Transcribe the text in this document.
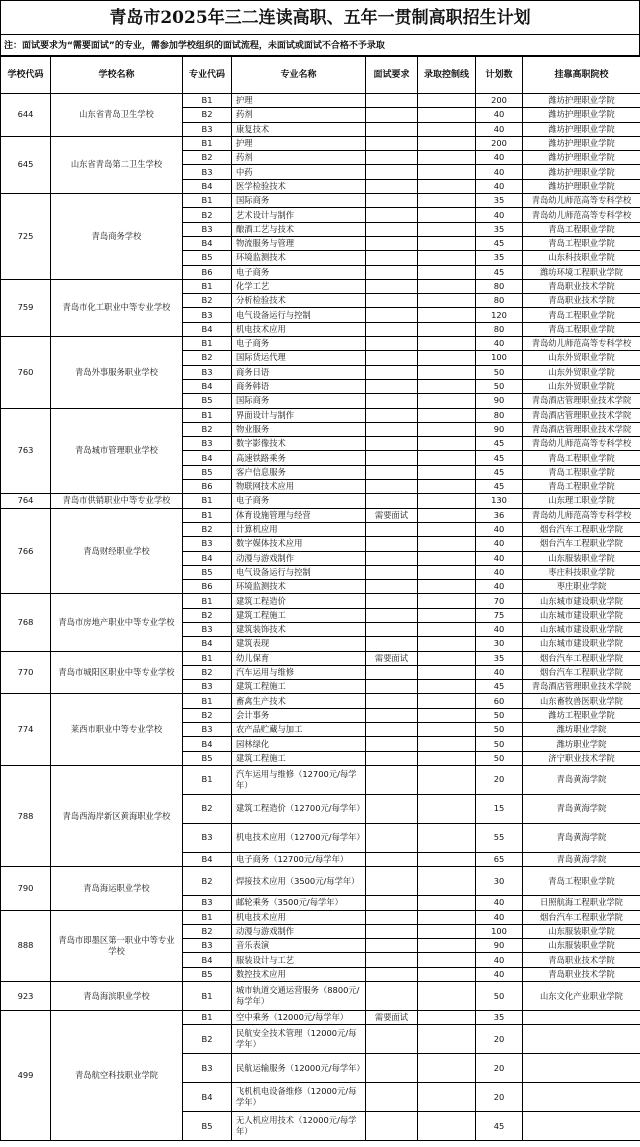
青岛市2025年三二连读高职、五年一贯制高职招生计划
注：面试要求为“需要面试”的专业，需参加学校组织的面试流程，未面试或面试不合格不予录取
学校代码	学校名称	专业代码	专业名称	面试要求	录取控制线	计划数	挂靠高职院校
644	山东省青岛卫生学校	B1	护理			200	潍坊护理职业学院
		B2	药剂			40	潍坊护理职业学院
		B3	康复技术			40	潍坊护理职业学院
645	山东省青岛第二卫生学校	B1	护理			200	潍坊护理职业学院
		B2	药剂			40	潍坊护理职业学院
		B3	中药			40	潍坊护理职业学院
		B4	医学检验技术			40	潍坊护理职业学院
725	青岛商务学校	B1	国际商务			35	青岛幼儿师范高等专科学校
		B2	艺术设计与制作			40	青岛幼儿师范高等专科学校
		B3	酿酒工艺与技术			35	青岛工程职业学院
		B4	物流服务与管理			45	青岛工程职业学院
		B5	环境监测技术			35	山东科技职业学院
		B6	电子商务			45	潍坊环境工程职业学院
759	青岛市化工职业中等专业学校	B1	化学工艺			80	青岛职业技术学院
		B2	分析检验技术			80	青岛职业技术学院
		B3	电气设备运行与控制			120	青岛工程职业学院
		B4	机电技术应用			80	青岛工程职业学院
760	青岛外事服务职业学校	B1	电子商务			40	青岛幼儿师范高等专科学校
		B2	国际货运代理			100	山东外贸职业学院
		B3	商务日语			50	山东外贸职业学院
		B4	商务韩语			50	山东外贸职业学院
		B5	国际商务			90	青岛酒店管理职业技术学院
763	青岛城市管理职业学校	B1	界面设计与制作			80	青岛酒店管理职业技术学院
		B2	物业服务			90	青岛酒店管理职业技术学院
		B3	数字影像技术			45	青岛幼儿师范高等专科学校
		B4	高速铁路乘务			45	青岛工程职业学院
		B5	客户信息服务			45	青岛工程职业学院
		B6	物联网技术应用			45	青岛工程职业学院
764	青岛市供销职业中等专业学校	B1	电子商务			130	山东理工职业学院
766	青岛财经职业学校	B1	体育设施管理与经营	需要面试		36	青岛幼儿师范高等专科学校
		B2	计算机应用			40	烟台汽车工程职业学院
		B3	数字媒体技术应用			40	烟台汽车工程职业学院
		B4	动漫与游戏制作			40	山东服装职业学院
		B5	电气设备运行与控制			40	枣庄科技职业学院
		B6	环境监测技术			40	枣庄职业学院
768	青岛市房地产职业中等专业学校	B1	建筑工程造价			70	山东城市建设职业学院
		B2	建筑工程施工			75	山东城市建设职业学院
		B3	建筑装饰技术			40	山东城市建设职业学院
		B4	建筑表现			30	山东城市建设职业学院
770	青岛市城阳区职业中等专业学校	B1	幼儿保育	需要面试		35	烟台汽车工程职业学院
		B2	汽车运用与维修			40	烟台汽车工程职业学院
		B3	建筑工程施工			45	青岛酒店管理职业技术学院
774	莱西市职业中等专业学校	B1	畜禽生产技术			60	山东畜牧兽医职业学院
		B2	会计事务			50	潍坊工程职业学院
		B3	农产品贮藏与加工			50	潍坊职业学院
		B4	园林绿化			50	潍坊职业学院
		B5	建筑工程施工			50	济宁职业技术学院
788	青岛西海岸新区黄海职业学校	B1	汽车运用与维修（12700元/每学年）			20	青岛黄海学院
		B2	建筑工程造价（12700元/每学年）			15	青岛黄海学院
		B3	机电技术应用（12700元/每学年）			55	青岛黄海学院
		B4	电子商务（12700元/每学年）			65	青岛黄海学院
790	青岛海运职业学校	B2	焊接技术应用（3500元/每学年）			30	青岛工程职业学院
		B3	邮轮乘务（3500元/每学年）			40	日照航海工程职业学院
888	青岛市即墨区第一职业中等专业学校	B1	机电技术应用			40	烟台汽车工程职业学院
		B2	动漫与游戏制作			100	山东服装职业学院
		B3	音乐表演			90	山东服装职业学院
		B4	服装设计与工艺			40	青岛职业技术学院
		B5	数控技术应用			40	青岛职业技术学院
923	青岛海滨职业学校	B1	城市轨道交通运营服务（8800元/每学年）			50	山东文化产业职业学院
499	青岛航空科技职业学院	B1	空中乘务（12000元/每学年）	需要面试		35	
		B2	民航安全技术管理（12000元/每学年）			20	
		B3	民航运输服务（12000元/每学年）			20	
		B4	飞机机电设备维修（12000元/每学年）			20	
		B5	无人机应用技术（12000元/每学年）			45	
